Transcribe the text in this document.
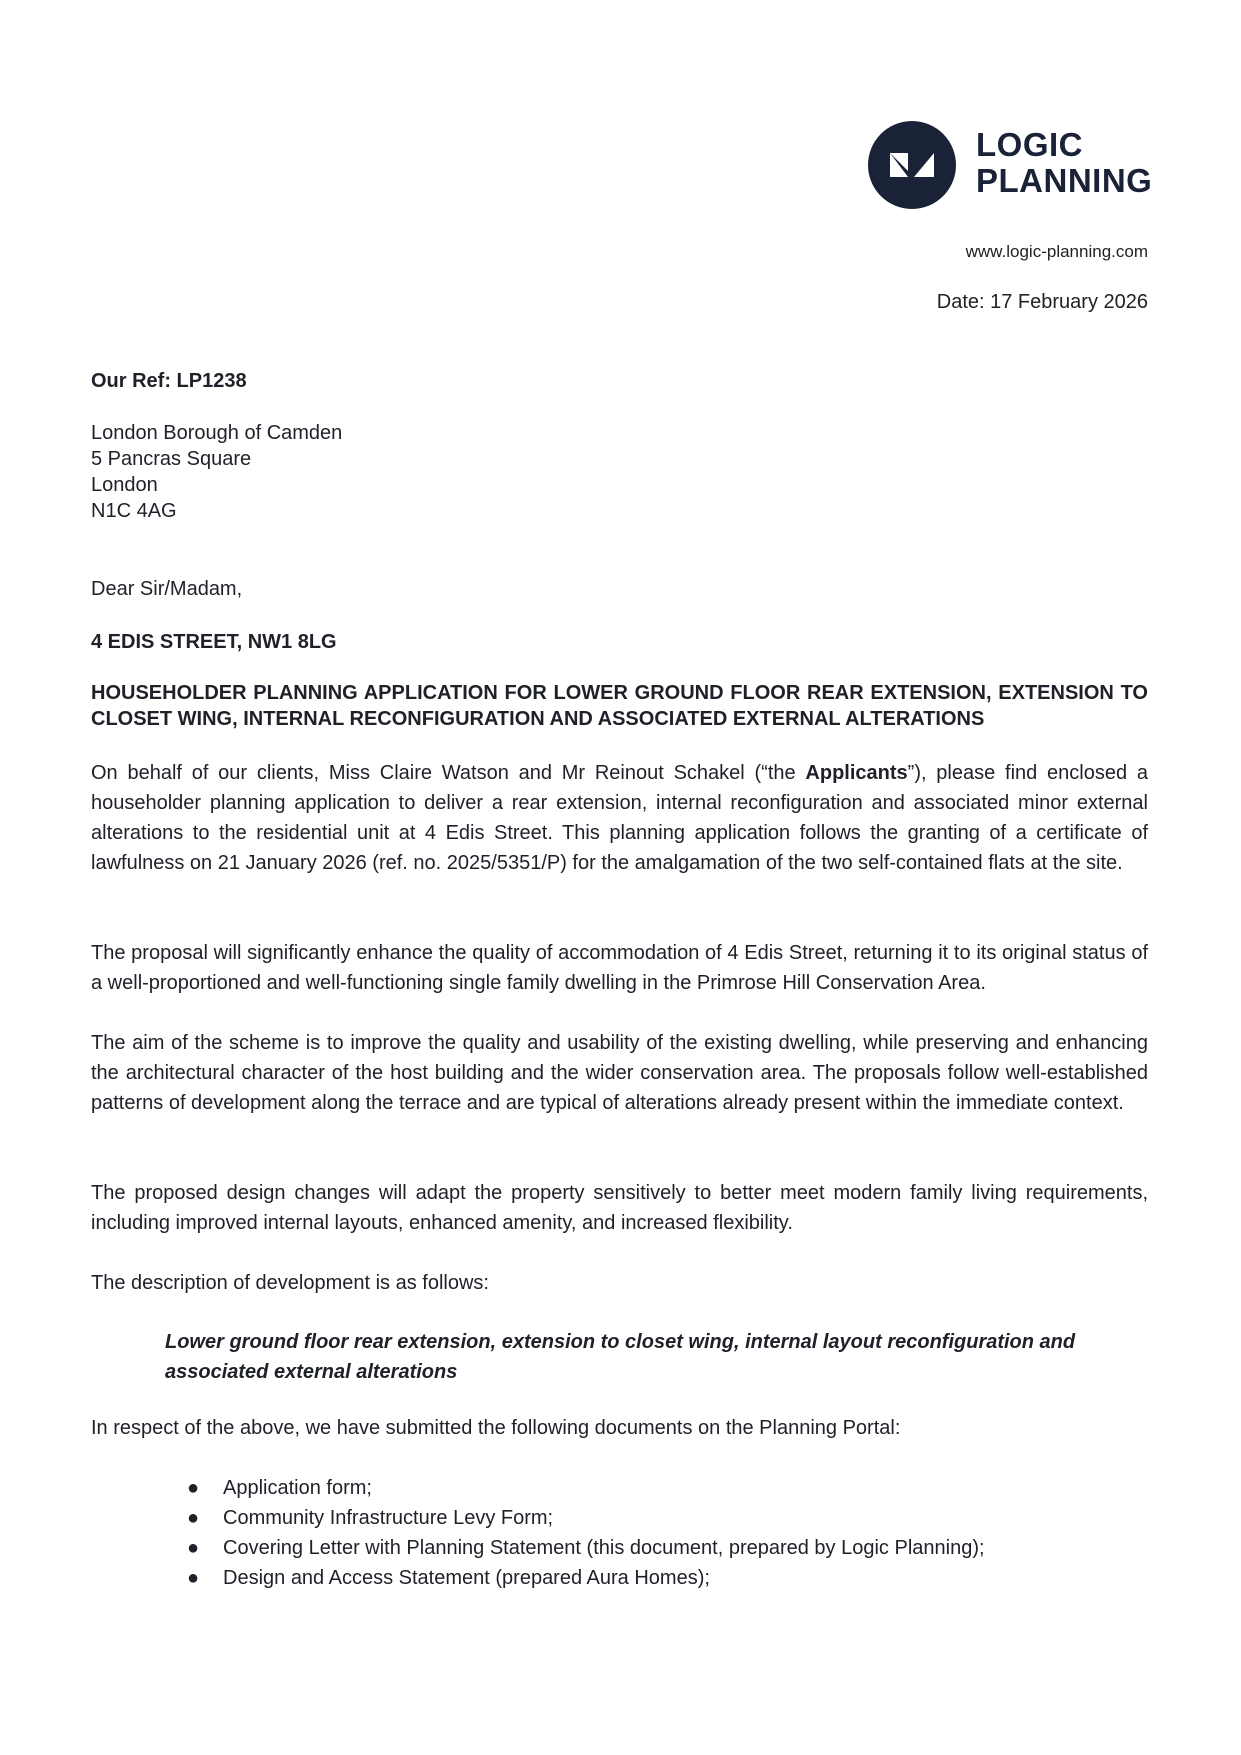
LOGIC
PLANNING
www.logic-planning.com
Date: 17 February 2026
Our Ref: LP1238
London Borough of Camden
5 Pancras Square
London
N1C 4AG
Dear Sir/Madam,
4 EDIS STREET, NW1 8LG
HOUSEHOLDER PLANNING APPLICATION FOR LOWER GROUND FLOOR REAR EXTENSION, EXTENSION TO CLOSET WING, INTERNAL RECONFIGURATION AND ASSOCIATED EXTERNAL ALTERATIONS
On behalf of our clients, Miss Claire Watson and Mr Reinout Schakel (“the Applicants”), please find enclosed a householder planning application to deliver a rear extension, internal reconfiguration and associated minor external alterations to the residential unit at 4 Edis Street. This planning application follows the granting of a certificate of lawfulness on 21 January 2026 (ref. no. 2025/5351/P) for the amalgamation of the two self-contained flats at the site.
The proposal will significantly enhance the quality of accommodation of 4 Edis Street, returning it to its original status of a well-proportioned and well-functioning single family dwelling in the Primrose Hill Conservation Area.
The aim of the scheme is to improve the quality and usability of the existing dwelling, while preserving and enhancing the architectural character of the host building and the wider conservation area. The proposals follow well-established patterns of development along the terrace and are typical of alterations already present within the immediate context.
The proposed design changes will adapt the property sensitively to better meet modern family living requirements, including improved internal layouts, enhanced amenity, and increased flexibility.
The description of development is as follows:
Lower ground floor rear extension, extension to closet wing, internal layout reconfiguration and associated external alterations
In respect of the above, we have submitted the following documents on the Planning Portal:
● Application form;
● Community Infrastructure Levy Form;
● Covering Letter with Planning Statement (this document, prepared by Logic Planning);
● Design and Access Statement (prepared Aura Homes);
